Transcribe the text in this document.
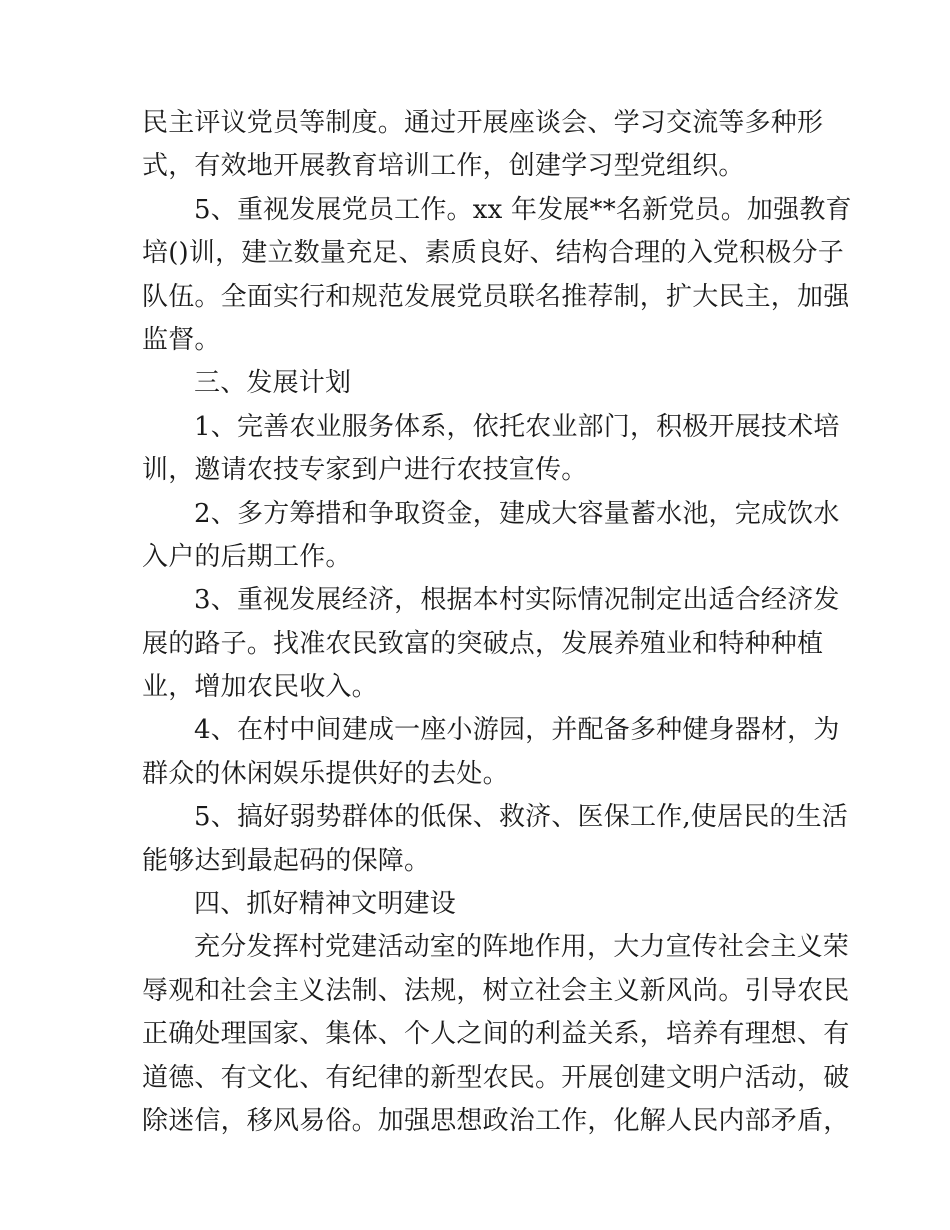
民主评议党员等制度。通过开展座谈会、学习交流等多种形
式，有效地开展教育培训工作，创建学习型党组织。
5、重视发展党员工作。xx 年发展**名新党员。加强教育
培()训，建立数量充足、素质良好、结构合理的入党积极分子
队伍。全面实行和规范发展党员联名推荐制，扩大民主，加强
监督。
三、发展计划
1、完善农业服务体系，依托农业部门，积极开展技术培
训，邀请农技专家到户进行农技宣传。
2、多方筹措和争取资金，建成大容量蓄水池，完成饮水
入户的后期工作。
3、重视发展经济，根据本村实际情况制定出适合经济发
展的路子。找准农民致富的突破点，发展养殖业和特种种植
业，增加农民收入。
4、在村中间建成一座小游园，并配备多种健身器材，为
群众的休闲娱乐提供好的去处。
5、搞好弱势群体的低保、救济、医保工作,使居民的生活
能够达到最起码的保障。
四、抓好精神文明建设
充分发挥村党建活动室的阵地作用，大力宣传社会主义荣
辱观和社会主义法制、法规，树立社会主义新风尚。引导农民
正确处理国家、集体、个人之间的利益关系，培养有理想、有
道德、有文化、有纪律的新型农民。开展创建文明户活动，破
除迷信，移风易俗。加强思想政治工作，化解人民内部矛盾，
